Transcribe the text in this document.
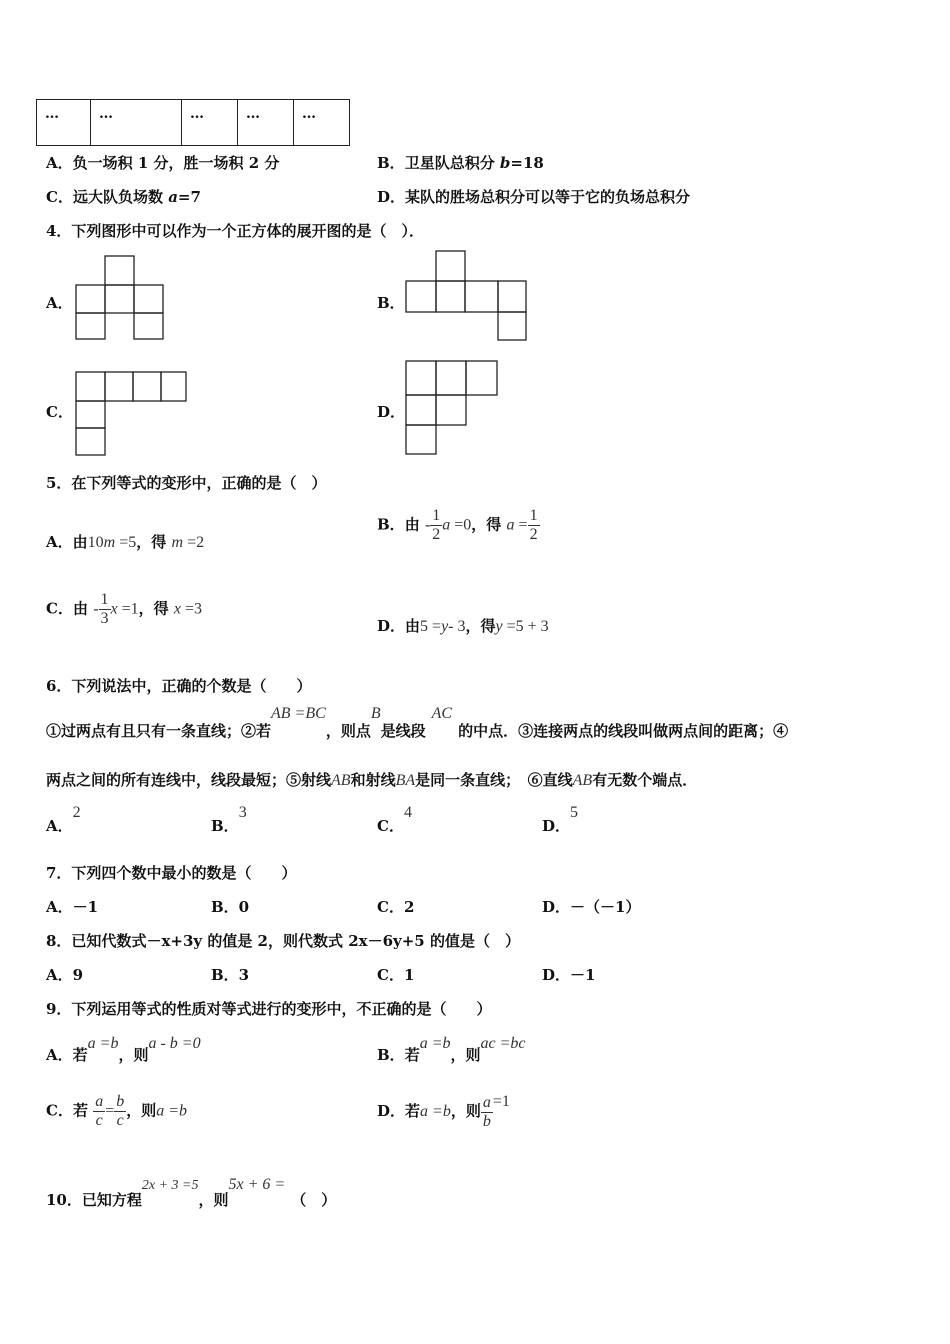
…	…	…	…	…
A．负一场积 1 分，胜一场积 2 分	B．卫星队总积分 b=18
C．远大队负场数 a=7	D．某队的胜场总积分可以等于它的负场总积分
4．下列图形中可以作为一个正方体的展开图的是（　）．
A．	B．
C．	D．
5．在下列等式的变形中，正确的是（　）
A．由10m =5，得 m =2
B．由 - $\frac{1}{2}$ a =0，得 $a = \frac{1}{2}$
C．由 - $\frac{1}{3}$ x =1，得 x =3
D．由5 =y- 3，得y =5 + 3
6．下列说法中，正确的个数是（　　）
①过两点有且只有一条直线；②若AB =BC，则点B是线段AC的中点．③连接两点的线段叫做两点间的距离；④
两点之间的所有连线中，线段最短；⑤射线AB和射线BA是同一条直线；　⑥直线AB有无数个端点．
A．2
B．3
C．4
D．5
7．下列四个数中最小的数是（　　）
A．－1	B．0	C．2	D．－（－1）
8．已知代数式－x+3y 的值是 2，则代数式 2x－6y+5 的值是（　）
A．9	B．3	C．1	D．－1
9．下列运用等式的性质对等式进行的变形中，不正确的是（　　）
A．若a =b，则a - b =0
B．若a =b，则ac =bc
C．若 $\frac{a}{c} = \frac{b}{c}$ ，则a =b	D．若a =b，则 $\frac{a}{b} =1$
10．已知方程2x + 3 =5，则5x + 6 =（　）
